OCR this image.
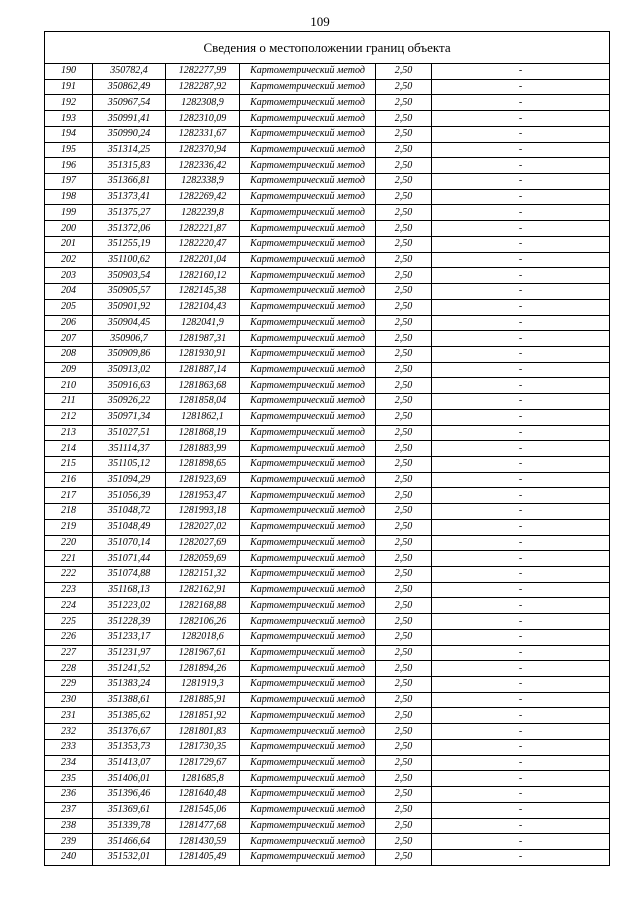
109
Сведения о местоположении границ объекта					
190	350782,4	1282277,99	Картометрический метод	2,50	-
191	350862,49	1282287,92	Картометрический метод	2,50	-
192	350967,54	1282308,9	Картометрический метод	2,50	-
193	350991,41	1282310,09	Картометрический метод	2,50	-
194	350990,24	1282331,67	Картометрический метод	2,50	-
195	351314,25	1282370,94	Картометрический метод	2,50	-
196	351315,83	1282336,42	Картометрический метод	2,50	-
197	351366,81	1282338,9	Картометрический метод	2,50	-
198	351373,41	1282269,42	Картометрический метод	2,50	-
199	351375,27	1282239,8	Картометрический метод	2,50	-
200	351372,06	1282221,87	Картометрический метод	2,50	-
201	351255,19	1282220,47	Картометрический метод	2,50	-
202	351100,62	1282201,04	Картометрический метод	2,50	-
203	350903,54	1282160,12	Картометрический метод	2,50	-
204	350905,57	1282145,38	Картометрический метод	2,50	-
205	350901,92	1282104,43	Картометрический метод	2,50	-
206	350904,45	1282041,9	Картометрический метод	2,50	-
207	350906,7	1281987,31	Картометрический метод	2,50	-
208	350909,86	1281930,91	Картометрический метод	2,50	-
209	350913,02	1281887,14	Картометрический метод	2,50	-
210	350916,63	1281863,68	Картометрический метод	2,50	-
211	350926,22	1281858,04	Картометрический метод	2,50	-
212	350971,34	1281862,1	Картометрический метод	2,50	-
213	351027,51	1281868,19	Картометрический метод	2,50	-
214	351114,37	1281883,99	Картометрический метод	2,50	-
215	351105,12	1281898,65	Картометрический метод	2,50	-
216	351094,29	1281923,69	Картометрический метод	2,50	-
217	351056,39	1281953,47	Картометрический метод	2,50	-
218	351048,72	1281993,18	Картометрический метод	2,50	-
219	351048,49	1282027,02	Картометрический метод	2,50	-
220	351070,14	1282027,69	Картометрический метод	2,50	-
221	351071,44	1282059,69	Картометрический метод	2,50	-
222	351074,88	1282151,32	Картометрический метод	2,50	-
223	351168,13	1282162,91	Картометрический метод	2,50	-
224	351223,02	1282168,88	Картометрический метод	2,50	-
225	351228,39	1282106,26	Картометрический метод	2,50	-
226	351233,17	1282018,6	Картометрический метод	2,50	-
227	351231,97	1281967,61	Картометрический метод	2,50	-
228	351241,52	1281894,26	Картометрический метод	2,50	-
229	351383,24	1281919,3	Картометрический метод	2,50	-
230	351388,61	1281885,91	Картометрический метод	2,50	-
231	351385,62	1281851,92	Картометрический метод	2,50	-
232	351376,67	1281801,83	Картометрический метод	2,50	-
233	351353,73	1281730,35	Картометрический метод	2,50	-
234	351413,07	1281729,67	Картометрический метод	2,50	-
235	351406,01	1281685,8	Картометрический метод	2,50	-
236	351396,46	1281640,48	Картометрический метод	2,50	-
237	351369,61	1281545,06	Картометрический метод	2,50	-
238	351339,78	1281477,68	Картометрический метод	2,50	-
239	351466,64	1281430,59	Картометрический метод	2,50	-
240	351532,01	1281405,49	Картометрический метод	2,50	-
